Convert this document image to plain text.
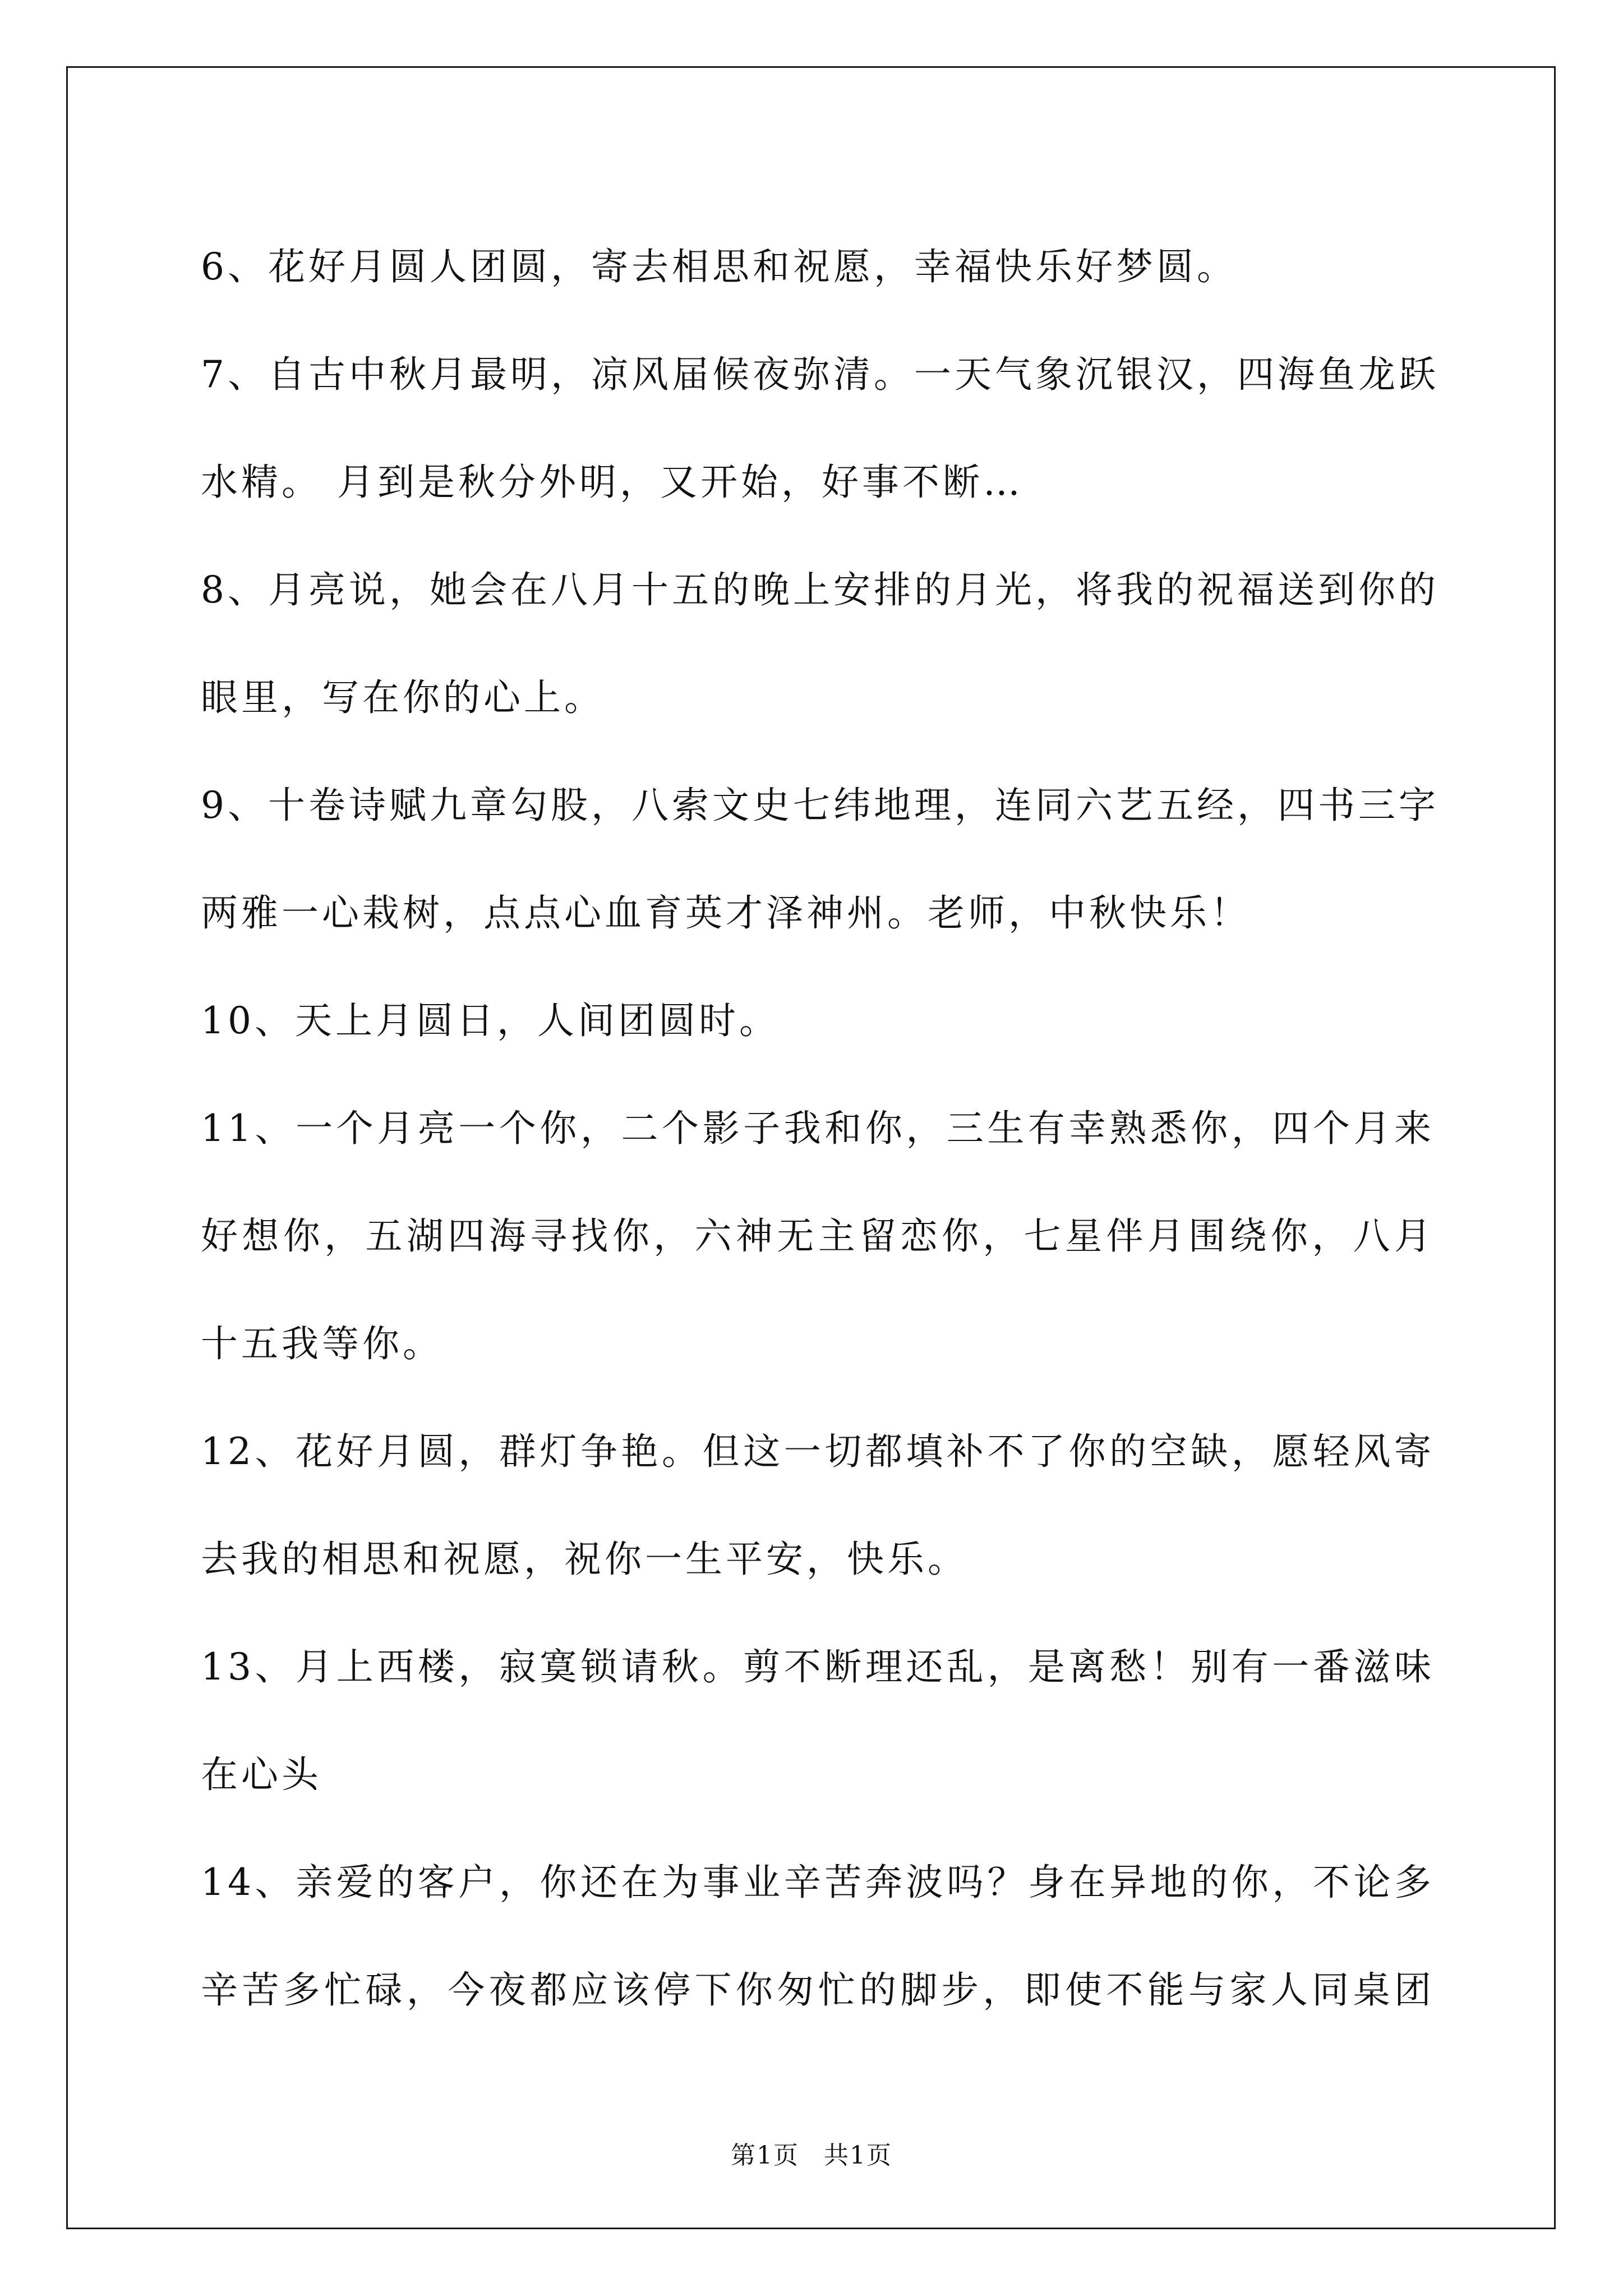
6、花好月圆人团圆，寄去相思和祝愿，幸福快乐好梦圆。
7、自古中秋月最明，凉风届候夜弥清。一天气象沉银汉，四海鱼龙跃
水精。 月到是秋分外明，又开始，好事不断…
8、月亮说，她会在八月十五的晚上安排的月光，将我的祝福送到你的
眼里，写在你的心上。
9、十卷诗赋九章勾股，八索文史七纬地理，连同六艺五经，四书三字
两雅一心栽树，点点心血育英才泽神州。老师，中秋快乐！
10、天上月圆日，人间团圆时。
11、一个月亮一个你，二个影子我和你，三生有幸熟悉你，四个月来
好想你，五湖四海寻找你，六神无主留恋你，七星伴月围绕你，八月
十五我等你。
12、花好月圆，群灯争艳。但这一切都填补不了你的空缺，愿轻风寄
去我的相思和祝愿，祝你一生平安，快乐。
13、月上西楼，寂寞锁请秋。剪不断理还乱，是离愁！别有一番滋味
在心头
14、亲爱的客户，你还在为事业辛苦奔波吗？身在异地的你，不论多
辛苦多忙碌，今夜都应该停下你匆忙的脚步，即使不能与家人同桌团
第1页 共1页
